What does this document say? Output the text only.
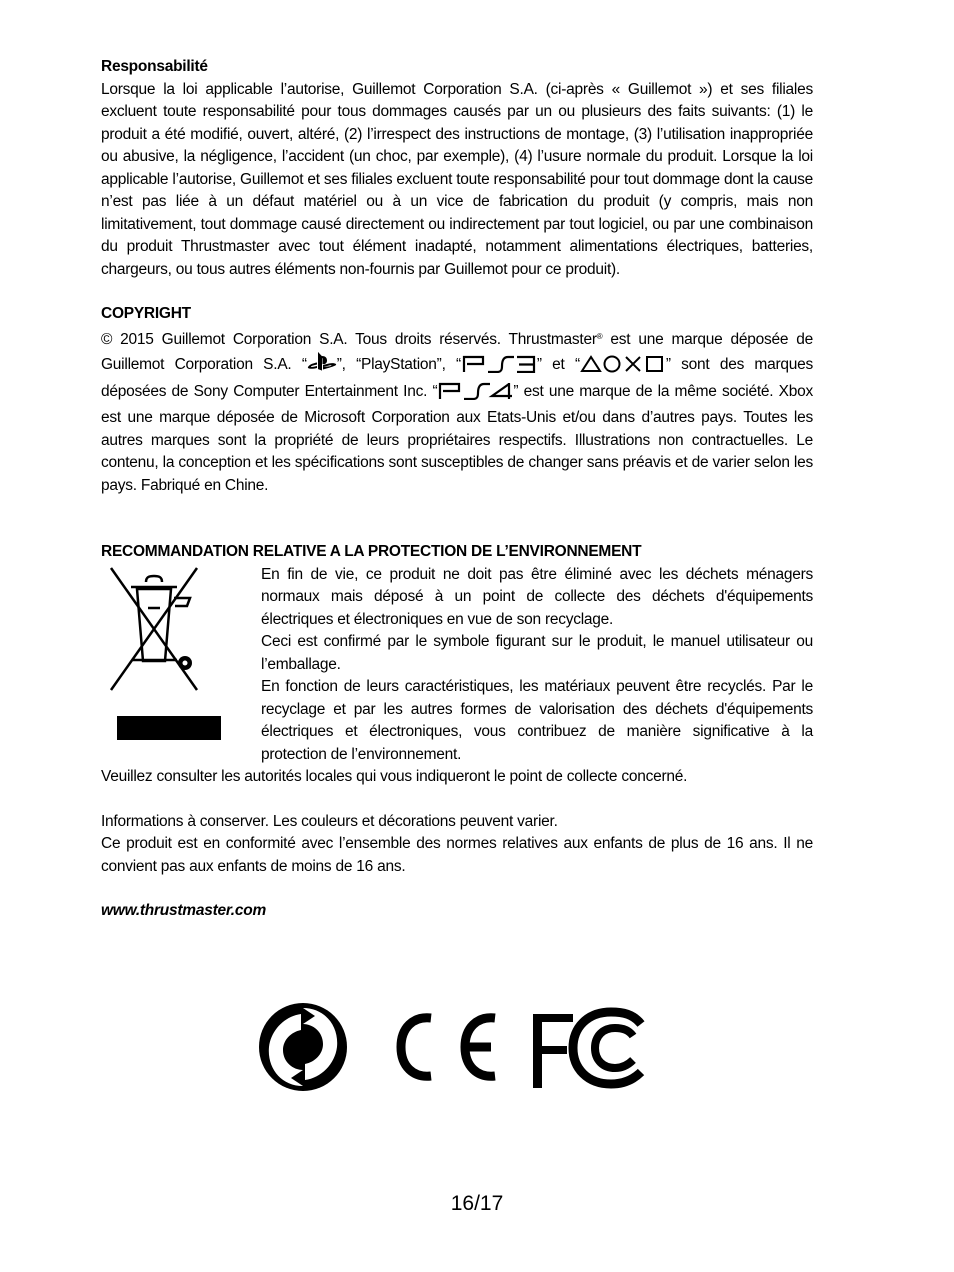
Responsabilité

Lorsque la loi applicable l’autorise, Guillemot Corporation S.A. (ci-après « Guillemot ») et ses filiales excluent toute responsabilité pour tous dommages causés par un ou plusieurs des faits suivants: (1) le produit a été modifié, ouvert, altéré, (2) l’irrespect des instructions de montage, (3) l’utilisation inappropriée ou abusive, la négligence, l’accident (un choc, par exemple), (4) l’usure normale du produit. Lorsque la loi applicable l’autorise, Guillemot et ses filiales excluent toute responsabilité pour tout dommage dont la cause n’est pas liée à un défaut matériel ou à un vice de fabrication du produit (y compris, mais non limitativement, tout dommage causé directement ou indirectement par tout logiciel, ou par une combinaison du produit Thrustmaster avec tout élément inadapté, notamment alimentations électriques, batteries, chargeurs, ou tous autres éléments non-fournis par Guillemot pour ce produit).

COPYRIGHT

© 2015 Guillemot Corporation S.A. Tous droits réservés. Thrustmaster® est une marque déposée de Guillemot Corporation S.A. “ ”, “PlayStation”, “	” et “	” sont des marques déposées de Sony Computer Entertainment Inc. “	” est une marque de la même société. Xbox est une marque déposée de Microsoft Corporation aux Etats-Unis et/ou dans d’autres pays. Toutes les autres marques sont la propriété de leurs propriétaires respectifs. Illustrations non contractuelles. Le contenu, la conception et les spécifications sont susceptibles de changer sans préavis et de varier selon les pays. Fabriqué en Chine.

RECOMMANDATION RELATIVE A LA PROTECTION DE L’ENVIRONNEMENT

En fin de vie, ce produit ne doit pas être éliminé avec les déchets ménagers normaux mais déposé à un point de collecte des déchets d'équipements électriques et électroniques en vue de son recyclage.

Ceci est confirmé par le symbole figurant sur le produit, le manuel utilisateur ou l’emballage.

En fonction de leurs caractéristiques, les matériaux peuvent être recyclés. Par le recyclage et par les autres formes de valorisation des déchets d'équipements électriques et électroniques, vous contribuez de manière significative à la protection de l’environnement.

Veuillez consulter les autorités locales qui vous indiqueront le point de collecte concerné.

Informations à conserver. Les couleurs et décorations peuvent varier.

Ce produit est en conformité avec l’ensemble des normes relatives aux enfants de plus de 16 ans. Il ne convient pas aux enfants de moins de 16 ans.

www.thrustmaster.com

16/17
